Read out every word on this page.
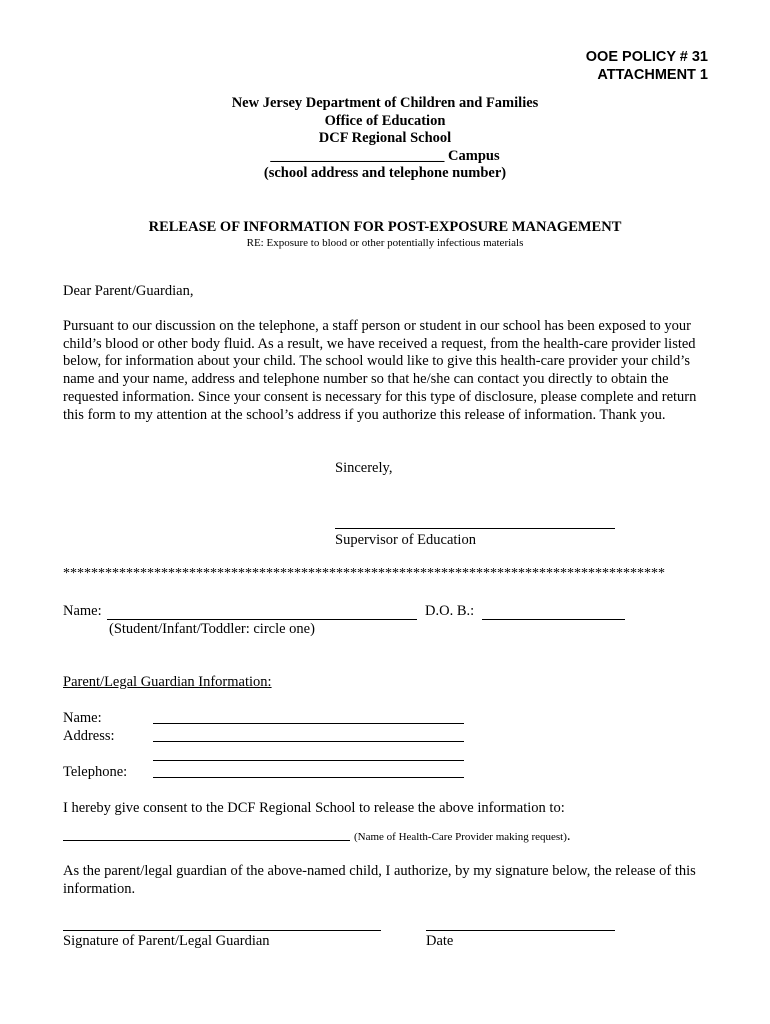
OOE POLICY # 31
ATTACHMENT 1
New Jersey Department of Children and Families
Office of Education
DCF Regional School
________________________ Campus
(school address and telephone number)
RELEASE OF INFORMATION FOR POST-EXPOSURE MANAGEMENT
RE: Exposure to blood or other potentially infectious materials
Dear Parent/Guardian,
Pursuant to our discussion on the telephone, a staff person or student in our school has been exposed to your child’s blood or other body fluid. As a result, we have received a request, from the health-care provider listed below, for information about your child. The school would like to give this health-care provider your child’s name and your name, address and telephone number so that he/she can contact you directly to obtain the requested information. Since your consent is necessary for this type of disclosure, please complete and return this form to my attention at the school’s address if you authorize this release of information. Thank you.
Sincerely,
Supervisor of Education
**************************************************************************************
Name:	D.O. B.:
(Student/Infant/Toddler: circle one)
Parent/Legal Guardian Information:
Name:
Address:
Telephone:
I hereby give consent to the DCF Regional School to release the above information to:
(Name of Health-Care Provider making request).
As the parent/legal guardian of the above-named child, I authorize, by my signature below, the release of this information.
Signature of Parent/Legal Guardian	Date
